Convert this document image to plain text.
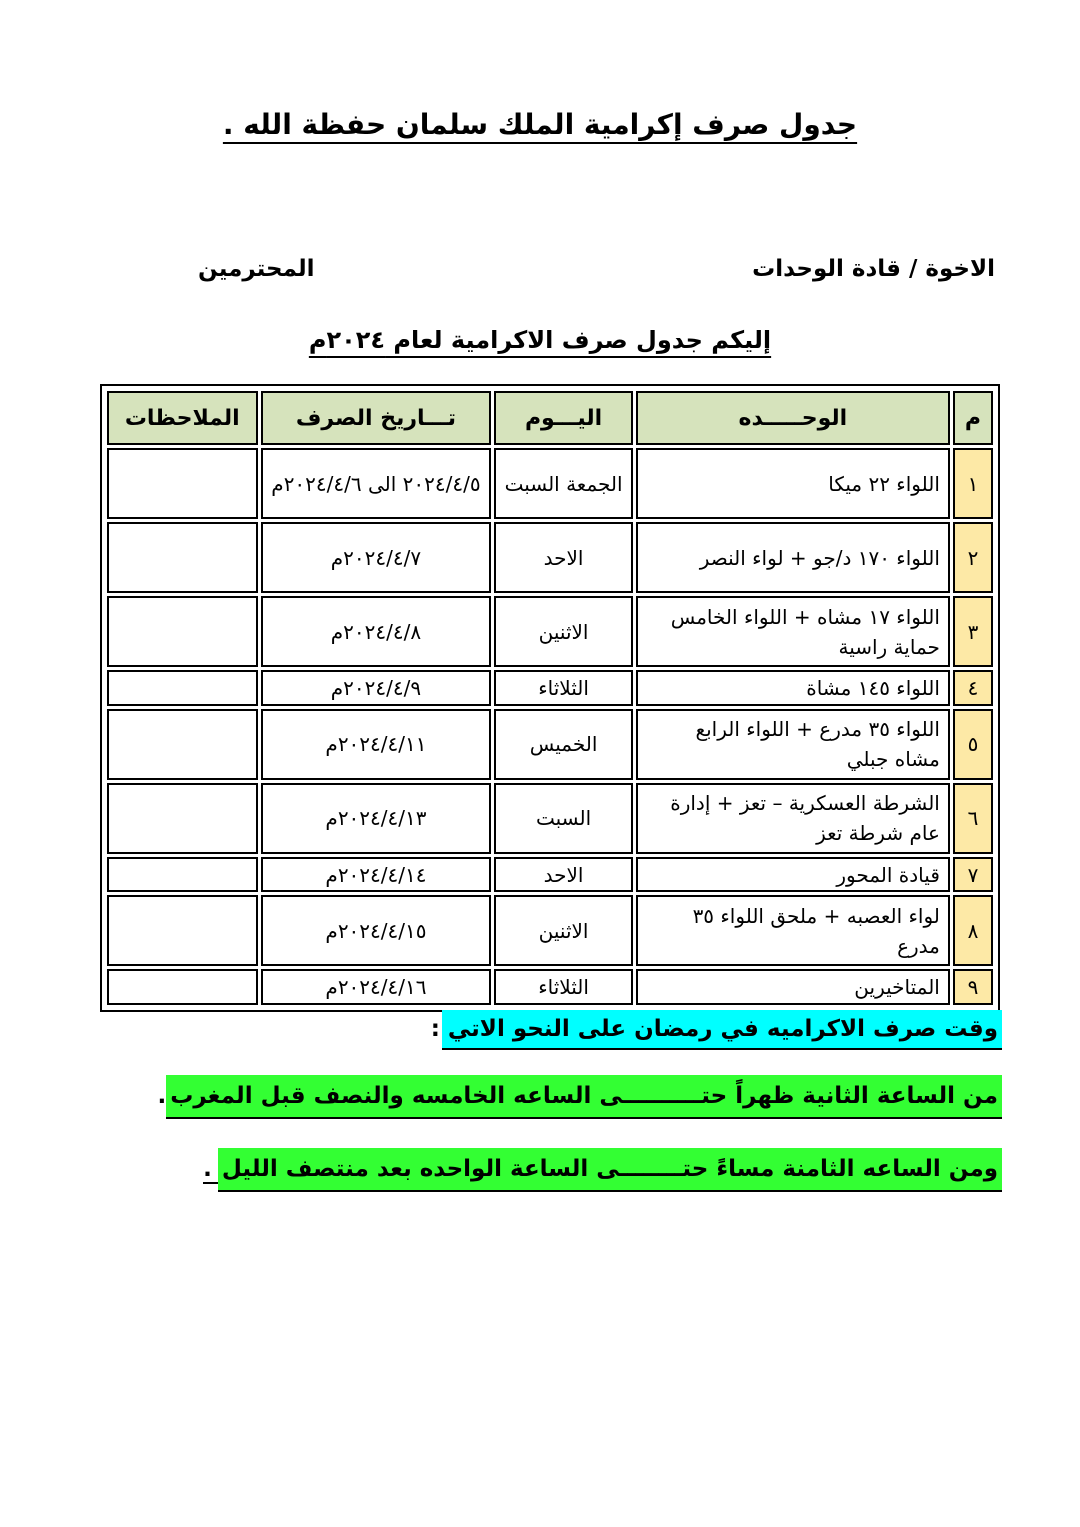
جدول صرف إكرامية الملك سلمان حفظة الله .
الاخوة / قادة الوحدات
المحترمين
إليكم جدول صرف الاكرامية لعام ٢٠٢٤م
م	الوحـــــده	اليـــوم	تـــاريخ الصرف	الملاحظات
١	اللواء ٢٢ ميكا	الجمعة السبت	٢٠٢٤/٤/٥ الى ٢٠٢٤/٤/٦م	
٢	اللواء ١٧٠ د/جو + لواء النصر	الاحد	٢٠٢٤/٤/٧م	
٣	اللواء ١٧ مشاه + اللواء الخامس حماية راسية	الاثنين	٢٠٢٤/٤/٨م	
٤	اللواء ١٤٥ مشاة	الثلاثاء	٢٠٢٤/٤/٩م	
٥	اللواء ٣٥ مدرع + اللواء الرابع مشاه جبلي	الخميس	٢٠٢٤/٤/١١م	
٦	الشرطة العسكرية – تعز + إدارة عام شرطة تعز	السبت	٢٠٢٤/٤/١٣م	
٧	قيادة المحور	الاحد	٢٠٢٤/٤/١٤م	
٨	لواء العصبه + ملحق اللواء ٣٥ مدرع	الاثنين	٢٠٢٤/٤/١٥م	
٩	المتاخيرين	الثلاثاء	٢٠٢٤/٤/١٦م	
وقت صرف الاكراميه في رمضان على النحو الاتي:
من الساعة الثانية ظهراً حتــــــــــى الساعه الخامسه والنصف قبل المغرب.
ومن الساعه الثامنة مساءً حتــــــــى الساعة الواحده بعد منتصف الليل.
